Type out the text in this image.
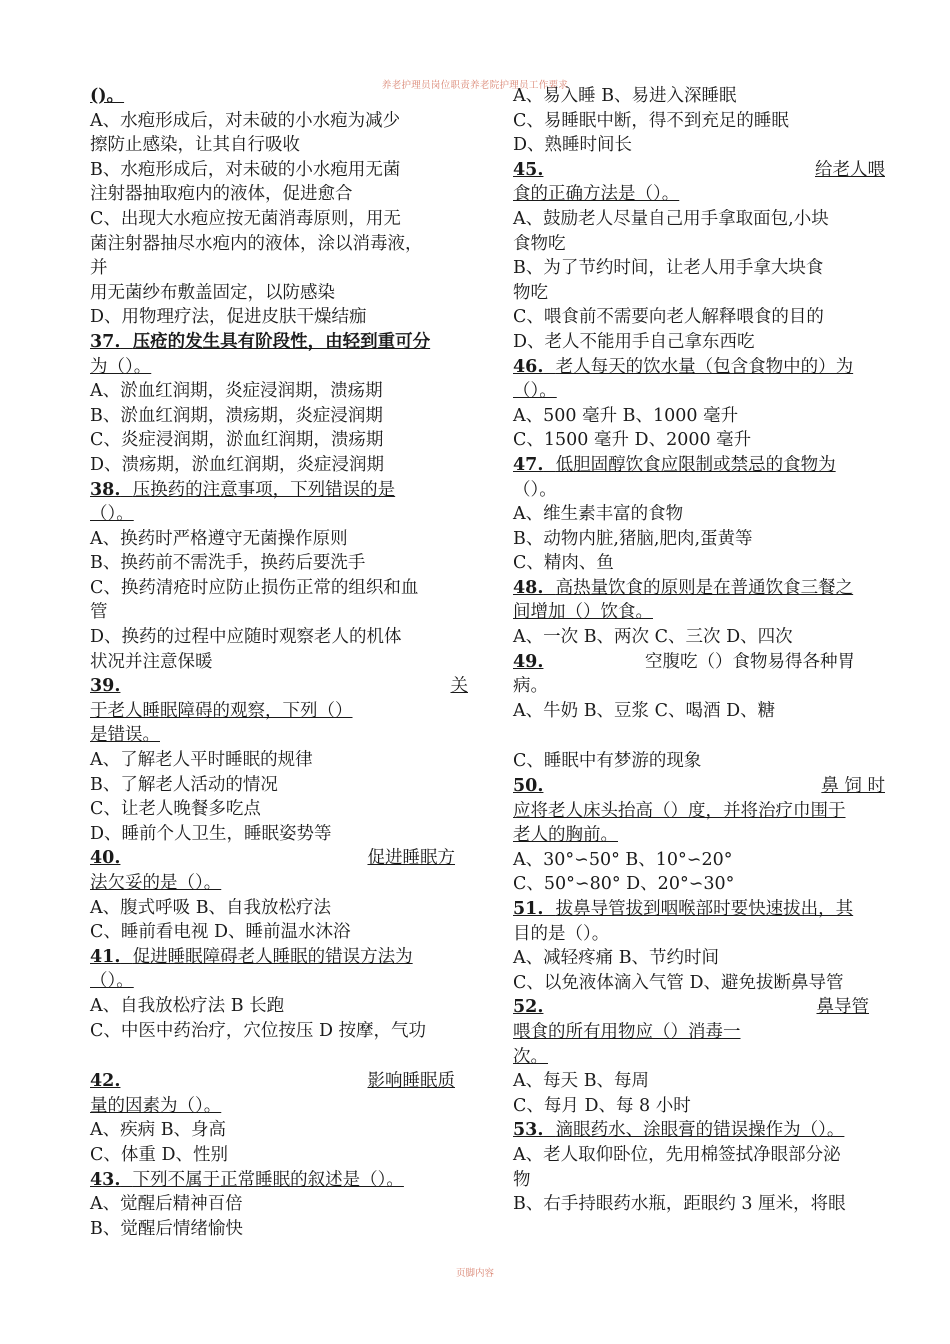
养老护理员岗位职责养老院护理员工作要求
()。
A、水疱形成后，对未破的小水疱为减少
擦防止感染，让其自行吸收
B、水疱形成后，对未破的小水疱用无菌
注射器抽取疱内的液体，促进愈合
C、出现大水疱应按无菌消毒原则，用无
菌注射器抽尽水疱内的液体，涂以消毒液，
并
用无菌纱布敷盖固定，以防感染
D、用物理疗法，促进皮肤干燥结痂
37. 压疮的发生具有阶段性，由轻到重可分
为（）。
A、淤血红润期，炎症浸润期，溃疡期
B、淤血红润期，溃疡期，炎症浸润期
C、炎症浸润期，淤血红润期，溃疡期
D、溃疡期，淤血红润期，炎症浸润期
38. 压换药的注意事项，下列错误的是
（）。
A、换药时严格遵守无菌操作原则
B、换药前不需洗手，换药后要洗手
C、换药清疮时应防止损伤正常的组织和血
管
D、换药的过程中应随时观察老人的机体
状况并注意保暖
39.	关
于老人睡眠障碍的观察，下列（）
是错误。
A、了解老人平时睡眠的规律
B、了解老人活动的情况
C、让老人晚餐多吃点
D、睡前个人卫生，睡眠姿势等
40.	促进睡眠方
法欠妥的是（）。
A、腹式呼吸 B、自我放松疗法
C、睡前看电视 D、睡前温水沐浴
41. 促进睡眠障碍老人睡眠的错误方法为
（）。
A、自我放松疗法 B 长跑
C、中医中药治疗，穴位按压 D 按摩，气功
42.	影响睡眠质
量的因素为（）。
A、疾病 B、身高
C、体重 D、性别
43. 下列不属于正常睡眠的叙述是（）。
A、觉醒后精神百倍
B、觉醒后情绪愉快
A、易入睡 B、易进入深睡眠
C、易睡眠中断，得不到充足的睡眠
D、熟睡时间长
45.	给老人喂
食的正确方法是（）。
A、鼓励老人尽量自己用手拿取面包,小块
食物吃
B、为了节约时间，让老人用手拿大块食
物吃
C、喂食前不需要向老人解释喂食的目的
D、老人不能用手自己拿东西吃
46. 老人每天的饮水量（包含食物中的）为
（）。
A、500 毫升 B、1000 毫升
C、1500 毫升 D、2000 毫升
47. 低胆固醇饮食应限制或禁忌的食物为
（）。
A、维生素丰富的食物
B、动物内脏,猪脑,肥肉,蛋黄等
C、精肉、鱼
48. 高热量饮食的原则是在普通饮食三餐之
间增加（）饮食。
A、一次 B、两次 C、三次 D、四次
49.	空腹吃（）食物易得各种胃
病。
A、牛奶 B、豆浆 C、喝酒 D、糖
C、睡眠中有梦游的现象
50.	鼻 饲 时
应将老人床头抬高（）度，并将治疗巾围于
老人的胸前。
A、30°∽50° B、10°∽20°
C、50°∽80° D、20°∽30°
51. 拔鼻导管拔到咽喉部时要快速拔出，其
目的是（）。
A、减轻疼痛 B、节约时间
C、以免液体滴入气管 D、避免拔断鼻导管
52.	鼻导管
喂食的所有用物应（）消毒一
次。
A、每天 B、每周
C、每月 D、每 8 小时
53. 滴眼药水、涂眼膏的错误操作为（）。
A、老人取仰卧位，先用棉签拭净眼部分泌
物
B、右手持眼药水瓶，距眼约 3 厘米，将眼
页脚内容
